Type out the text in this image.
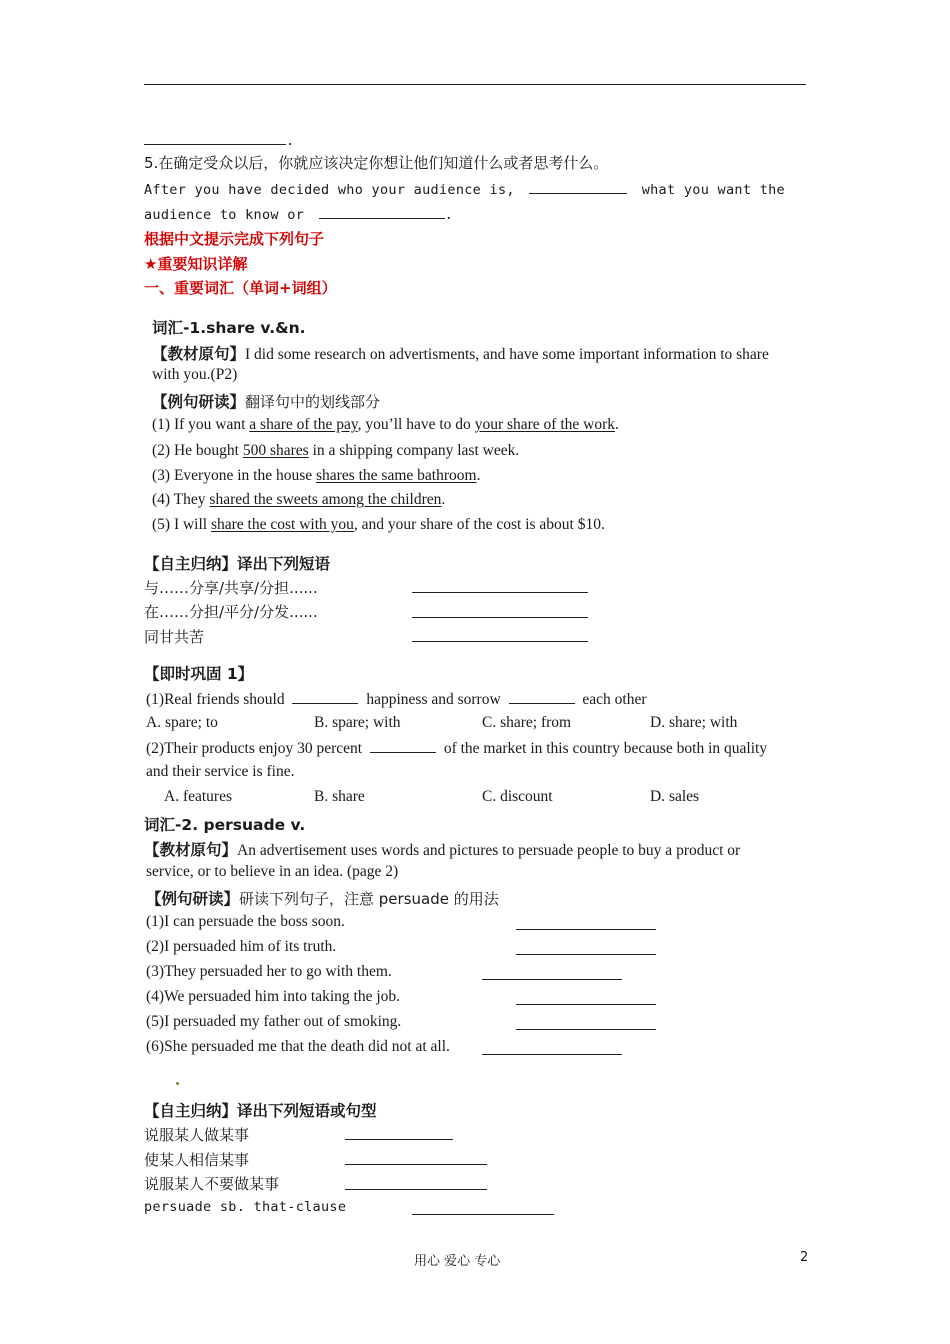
.
5.在确定受众以后，你就应该决定你想让他们知道什么或者思考什么。
After you have decided who your audience is,	what you want the
audience to know or	.
根据中文提示完成下列句子
★重要知识详解
一、重要词汇（单词+词组）
词汇-1.share v.&n.
【教材原句】I did some research on advertisments, and have some important information to share
with you.(P2)
【例句研读】翻译句中的划线部分
(1) If you want a share of the pay, you’ll have to do your share of the work.
(2) He bought 500 shares in a shipping company last week.
(3) Everyone in the house shares the same bathroom.
(4) They shared the sweets among the children.
(5) I will share the cost with you, and your share of the cost is about $10.
【自主归纳】译出下列短语
与……分享/共享/分担......
在……分担/平分/分发......
同甘共苦
【即时巩固 1】
(1)Real friends should	happiness and sorrow	each other
A. spare; to	B. spare; with	C. share; from	D. share; with
(2)Their products enjoy 30 percent	of the market in this country because both in quality
and their service is fine.
A. features	B. share	C. discount	D. sales
词汇-2. persuade v.
【教材原句】An advertisement uses words and pictures to persuade people to buy a product or
service, or to believe in an idea. (page 2)
【例句研读】研读下列句子，注意 persuade 的用法
(1)I can persuade the boss soon.
(2)I persuaded him of its truth.
(3)They persuaded her to go with them.
(4)We persuaded him into taking the job.
(5)I persuaded my father out of smoking.
(6)She persuaded me that the death did not at all.
【自主归纳】译出下列短语或句型
说服某人做某事
使某人相信某事
说服某人不要做某事
persuade sb. that-clause
用心 爱心 专心	2
